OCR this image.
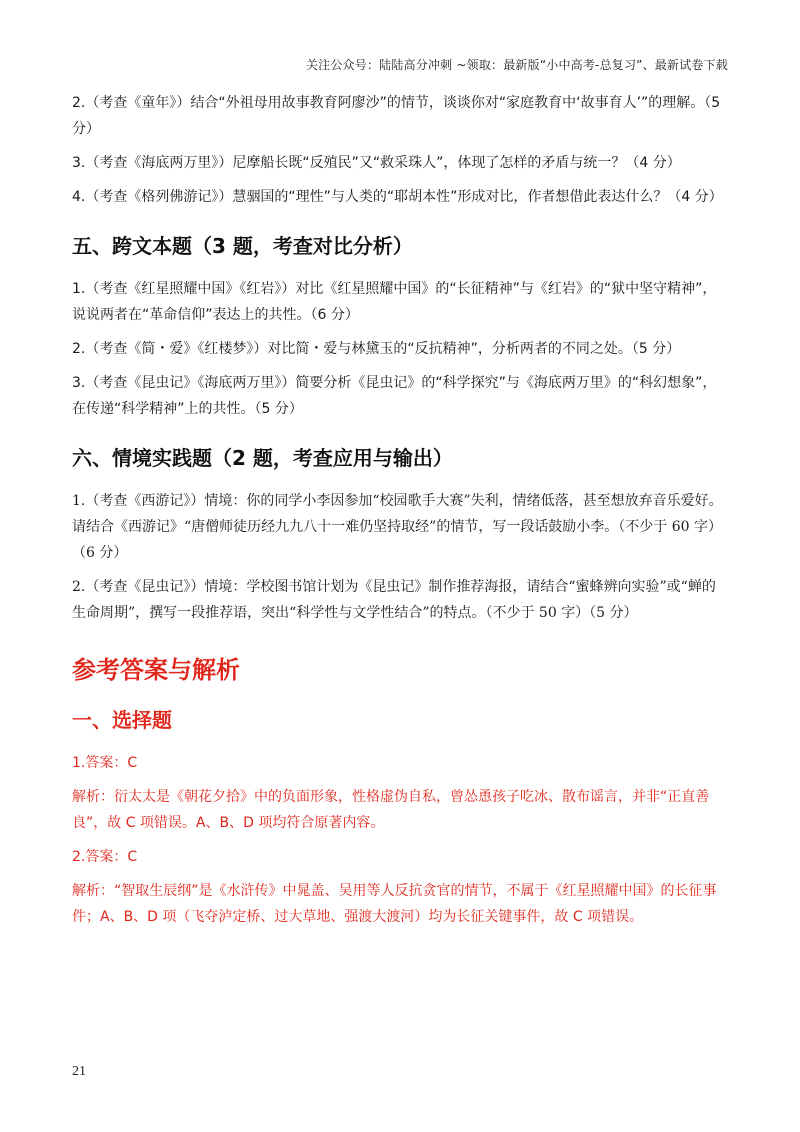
关注公众号：陆陆高分冲刺 ~领取：最新版“小中高考-总复习”、最新试卷下载

2.（考查《童年》）结合“外祖母用故事教育阿廖沙”的情节，谈谈你对“家庭教育中‘故事育人’”的理解。（5 分）

3.（考查《海底两万里》）尼摩船长既“反殖民”又“救采珠人”，体现了怎样的矛盾与统一？（4 分）

4.（考查《格列佛游记》）慧骃国的“理性”与人类的“耶胡本性”形成对比，作者想借此表达什么？（4 分）

五、跨文本题（3 题，考查对比分析）

1.（考查《红星照耀中国》《红岩》）对比《红星照耀中国》的“长征精神”与《红岩》的“狱中坚守精神”，说说两者在“革命信仰”表达上的共性。（6 分）

2.（考查《简・爱》《红楼梦》）对比简・爱与林黛玉的“反抗精神”，分析两者的不同之处。（5 分）

3.（考查《昆虫记》《海底两万里》）简要分析《昆虫记》的“科学探究”与《海底两万里》的“科幻想象”，在传递“科学精神”上的共性。（5 分）

六、情境实践题（2 题，考查应用与输出）

1.（考查《西游记》）情境：你的同学小李因参加“校园歌手大赛”失利，情绪低落，甚至想放弃音乐爱好。请结合《西游记》“唐僧师徒历经九九八十一难仍坚持取经”的情节，写一段话鼓励小李。（不少于 60 字）（6 分）

2.（考查《昆虫记》）情境：学校图书馆计划为《昆虫记》制作推荐海报，请结合“蜜蜂辨向实验”或“蝉的生命周期”，撰写一段推荐语，突出“科学性与文学性结合”的特点。（不少于 50 字）（5 分）

参考答案与解析
一、选择题

1.答案：C

解析：衍太太是《朝花夕拾》中的负面形象，性格虚伪自私，曾怂恿孩子吃冰、散布谣言，并非“正直善良”，故 C 项错误。A、B、D 项均符合原著内容。

2.答案：C

解析：“智取生辰纲”是《水浒传》中晁盖、吴用等人反抗贪官的情节，不属于《红星照耀中国》的长征事件；A、B、D 项（飞夺泸定桥、过大草地、强渡大渡河）均为长征关键事件，故 C 项错误。

21
